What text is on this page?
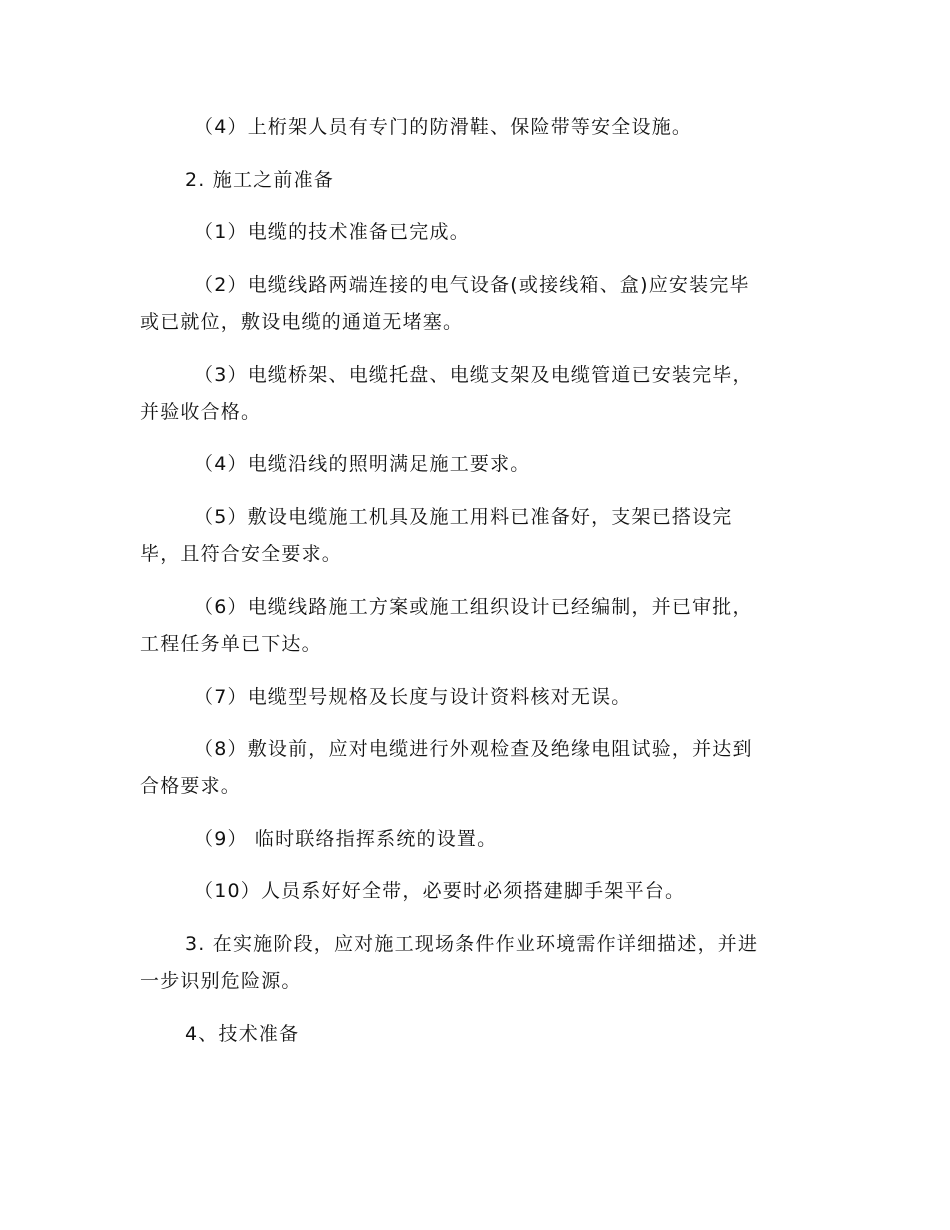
（4）上桁架人员有专门的防滑鞋、保险带等安全设施。
2. 施工之前准备
（1）电缆的技术准备已完成。
（2）电缆线路两端连接的电气设备(或接线箱、盒)应安装完毕
或已就位，敷设电缆的通道无堵塞。
（3）电缆桥架、电缆托盘、电缆支架及电缆管道已安装完毕，
并验收合格。
（4）电缆沿线的照明满足施工要求。
（5）敷设电缆施工机具及施工用料已准备好，支架已搭设完
毕，且符合安全要求。
（6）电缆线路施工方案或施工组织设计已经编制，并已审批，
工程任务单已下达。
（7）电缆型号规格及长度与设计资料核对无误。
（8）敷设前，应对电缆进行外观检查及绝缘电阻试验，并达到
合格要求。
（9） 临时联络指挥系统的设置。
（10）人员系好好全带，必要时必须搭建脚手架平台。
3. 在实施阶段，应对施工现场条件作业环境需作详细描述，并进
一步识别危险源。
4、技术准备
